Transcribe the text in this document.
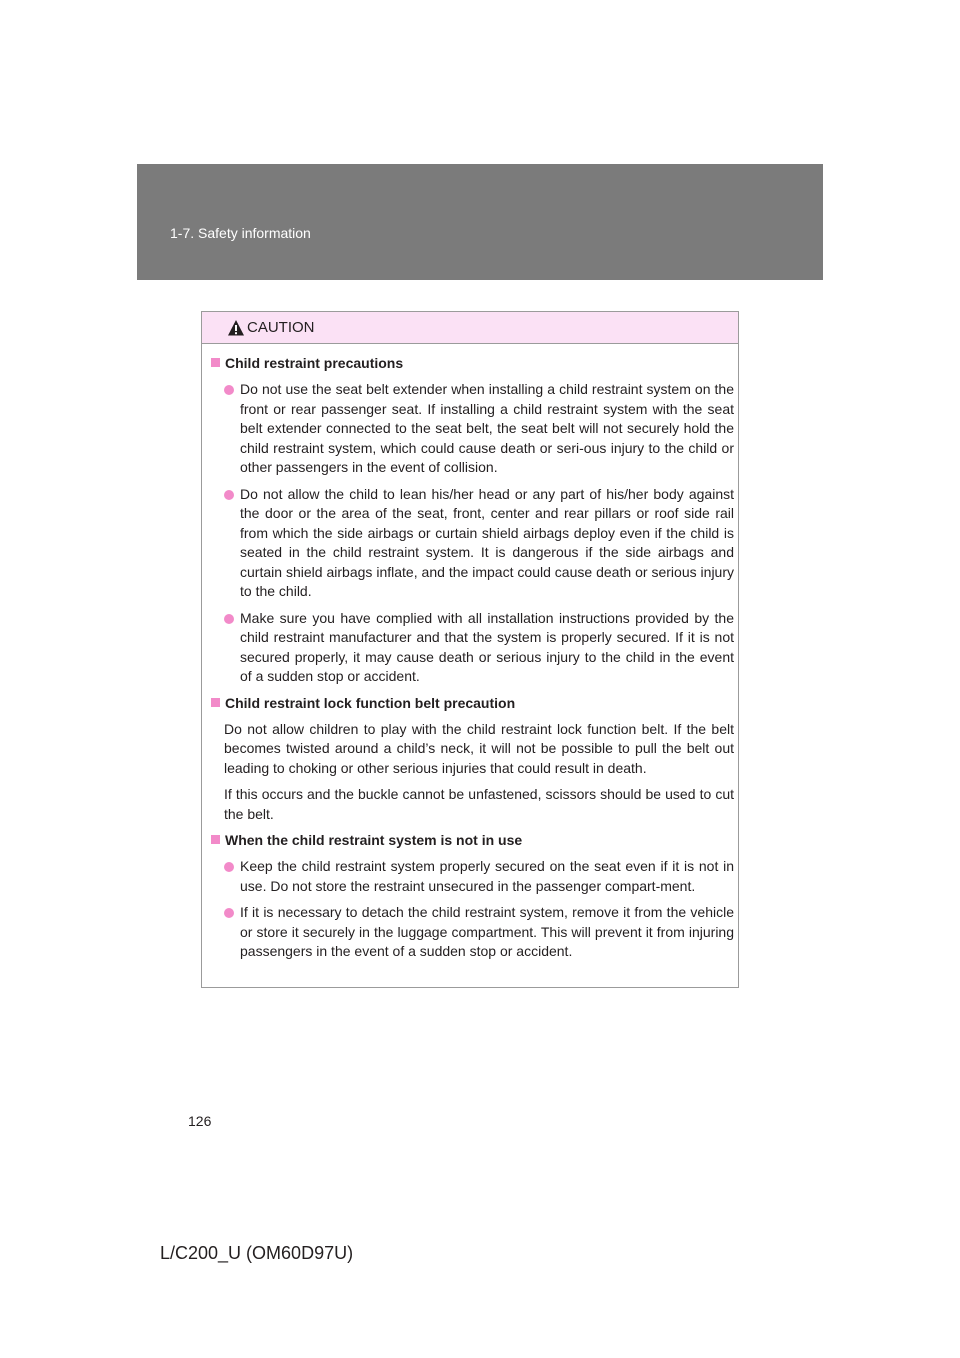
1-7. Safety information
CAUTION
Child restraint precautions
Do not use the seat belt extender when installing a child restraint system on the front or rear passenger seat. If installing a child restraint system with the seat belt extender connected to the seat belt, the seat belt will not securely hold the child restraint system, which could cause death or seri-ous injury to the child or other passengers in the event of collision.
Do not allow the child to lean his/her head or any part of his/her body against the door or the area of the seat, front, center and rear pillars or roof side rail from which the side airbags or curtain shield airbags deploy even if the child is seated in the child restraint system. It is dangerous if the side airbags and curtain shield airbags inflate, and the impact could cause death or serious injury to the child.
Make sure you have complied with all installation instructions provided by the child restraint manufacturer and that the system is properly secured. If it is not secured properly, it may cause death or serious injury to the child in the event of a sudden stop or accident.
Child restraint lock function belt precaution
Do not allow children to play with the child restraint lock function belt. If the belt becomes twisted around a child’s neck, it will not be possible to pull the belt out leading to choking or other serious injuries that could result in death.
If this occurs and the buckle cannot be unfastened, scissors should be used to cut the belt.
When the child restraint system is not in use
Keep the child restraint system properly secured on the seat even if it is not in use. Do not store the restraint unsecured in the passenger compart-ment.
If it is necessary to detach the child restraint system, remove it from the vehicle or store it securely in the luggage compartment. This will prevent it from injuring passengers in the event of a sudden stop or accident.
126
L/C200_U (OM60D97U)
